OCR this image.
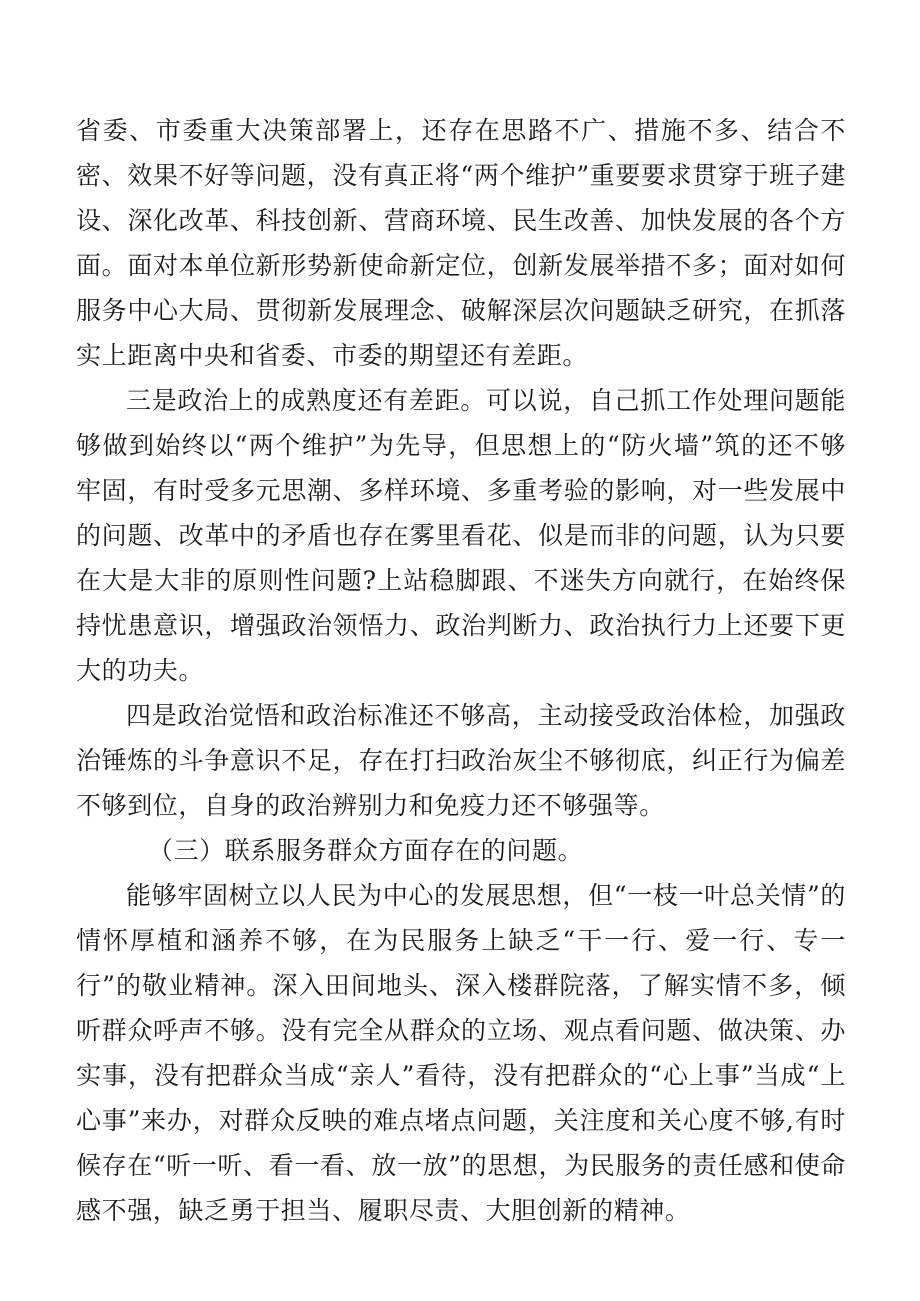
省委、市委重大决策部署上，还存在思路不广、措施不多、结合不密、效果不好等问题，没有真正将“两个维护”重要要求贯穿于班子建设、深化改革、科技创新、营商环境、民生改善、加快发展的各个方面。面对本单位新形势新使命新定位，创新发展举措不多；面对如何服务中心大局、贯彻新发展理念、破解深层次问题缺乏研究，在抓落实上距离中央和省委、市委的期望还有差距。

三是政治上的成熟度还有差距。可以说，自己抓工作处理问题能够做到始终以“两个维护”为先导，但思想上的“防火墙”筑的还不够牢固，有时受多元思潮、多样环境、多重考验的影响，对一些发展中的问题、改革中的矛盾也存在雾里看花、似是而非的问题，认为只要在大是大非的原则性问题?上站稳脚跟、不迷失方向就行，在始终保持忧患意识，增强政治领悟力、政治判断力、政治执行力上还要下更大的功夫。

四是政治觉悟和政治标准还不够高，主动接受政治体检，加强政治锤炼的斗争意识不足，存在打扫政治灰尘不够彻底，纠正行为偏差不够到位，自身的政治辨别力和免疫力还不够强等。

（三）联系服务群众方面存在的问题。

能够牢固树立以人民为中心的发展思想，但“一枝一叶总关情”的情怀厚植和涵养不够，在为民服务上缺乏“干一行、爱一行、专一行”的敬业精神。深入田间地头、深入楼群院落，了解实情不多，倾听群众呼声不够。没有完全从群众的立场、观点看问题、做决策、办实事，没有把群众当成“亲人”看待，没有把群众的“心上事”当成“上心事”来办，对群众反映的难点堵点问题，关注度和关心度不够,有时候存在“听一听、看一看、放一放”的思想，为民服务的责任感和使命感不强，缺乏勇于担当、履职尽责、大胆创新的精神。
